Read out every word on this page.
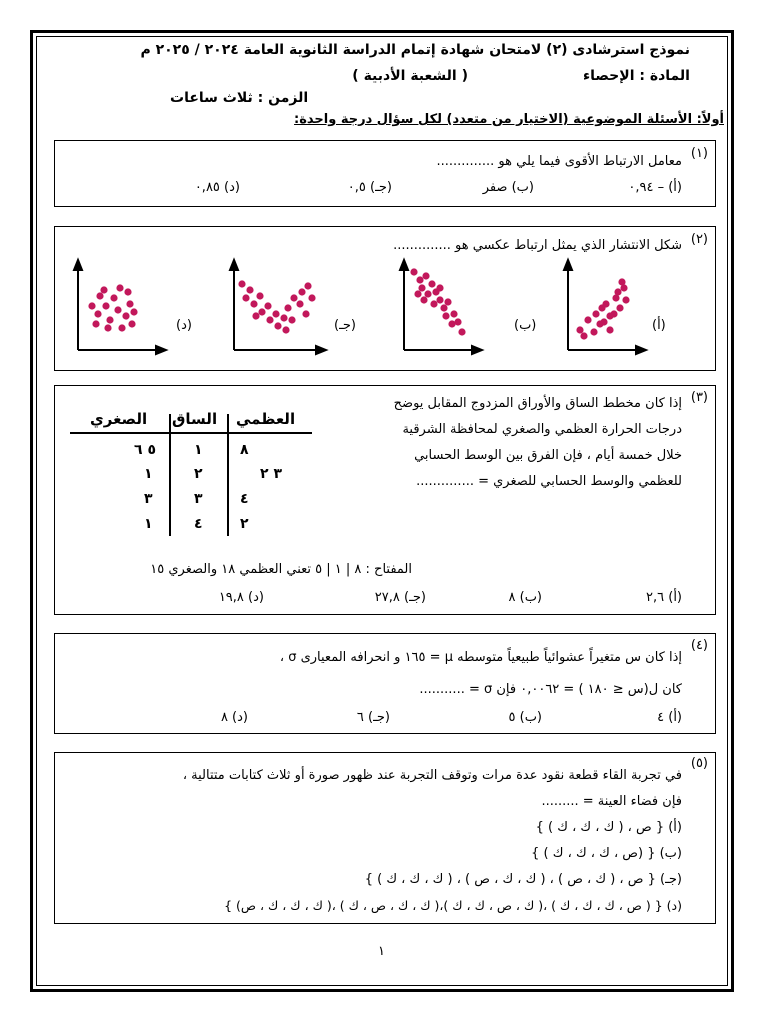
نموذج استرشادى (٢) لامتحان شهادة إتمام الدراسة الثانوية العامة ٢٠٢٤ / ٢٠٢٥ م
المادة : الإحصاء
( الشعبة الأدبية )
الزمن : ثلاث ساعات
أولاً: الأسئلة الموضوعية (الاختيار من متعدد) لكل سؤال درجة واحدة:
(١)
معامل الارتباط الأقوى فيما يلي هو ..............
(أ) – ٠,٩٤
(ب) صفر
(جـ) ٠,٥
(د) ٠,٨٥
(٢)
شكل الانتشار الذي يمثل ارتباط عكسي هو ..............
(أ)
(ب)
(جـ)
(د)
(٣)
إذا كان مخطط الساق والأوراق المزدوج المقابل يوضح
درجات الحرارة العظمي والصغري لمحافظة الشرقية
خلال خمسة أيام ، فإن الفرق بين الوسط الحسابي
للعظمي والوسط الحسابي للصغري = ..............
العظمي
الساق
الصغري
٨
١
٥ ٦
٣ ٢
٢
١
٤
٣
٣
٢
٤
١
المفتاح : ٨ | ١ | ٥ تعني العظمي ١٨ والصغري ١٥
(أ) ٢,٦
(ب) ٨
(جـ) ٢٧,٨
(د) ١٩,٨
(٤)
إذا كان س متغيراً عشوائياً طبيعياً متوسطه μ = ١٦٥ و انحرافه المعيارى σ ،
كان ل(س ≤ ١٨٠ ) = ٠,٠٠٦٢ فإن σ = ...........
(أ) ٤
(ب) ٥
(جـ) ٦
(د) ٨
(٥)
في تجربة القاء قطعة نقود عدة مرات وتوقف التجربة عند ظهور صورة أو ثلاث كتابات متتالية ،
فإن فضاء العينة = .........
(أ) { ص ، ( ك ، ك ، ك ) }
(ب) { (ص ، ك ، ك ، ك ) }
(جـ) { ص ، ( ك ، ص ) ، ( ك ، ك ، ص ) ، ( ك ، ك ، ك ) }
(د) { ( ص ، ك ، ك ، ك ) ،( ك ، ص ، ك ، ك )،( ك ، ك ، ص ، ك ) ،( ك ، ك ، ك ، ص) }
١
